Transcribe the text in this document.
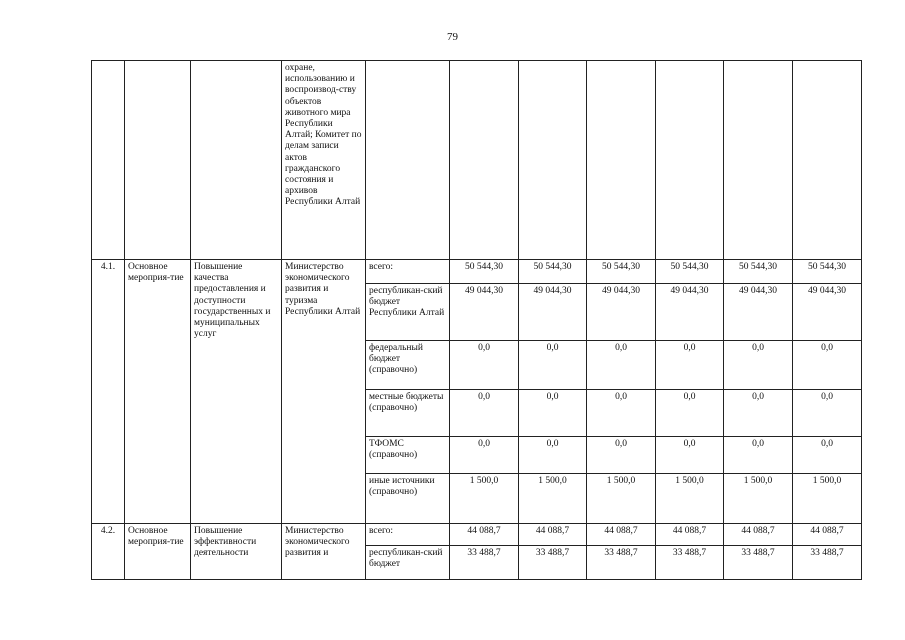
79
			охране, использованию и воспроизвод-ству объектов животного мира Республики Алтай; Комитет по делам записи актов гражданского состояния и архивов Республики Алтай							
4.1.	Основное мероприя-тие	Повышение качества предоставления и доступности государственных и муниципальных услуг	Министерство экономического развития и туризма Республики Алтай	всего:	50 544,30	50 544,30	50 544,30	50 544,30	50 544,30	50 544,30
				республикан-ский бюджет Республики Алтай	49 044,30	49 044,30	49 044,30	49 044,30	49 044,30	49 044,30
				федеральный бюджет (справочно)	0,0	0,0	0,0	0,0	0,0	0,0
				местные бюджеты (справочно)	0,0	0,0	0,0	0,0	0,0	0,0
				ТФОМС (справочно)	0,0	0,0	0,0	0,0	0,0	0,0
				иные источники (справочно)	1 500,0	1 500,0	1 500,0	1 500,0	1 500,0	1 500,0
4.2.	Основное мероприя-тие	Повышение эффективности деятельности	Министерство экономического развития и	всего:	44 088,7	44 088,7	44 088,7	44 088,7	44 088,7	44 088,7
				республикан-ский бюджет	33 488,7	33 488,7	33 488,7	33 488,7	33 488,7	33 488,7
